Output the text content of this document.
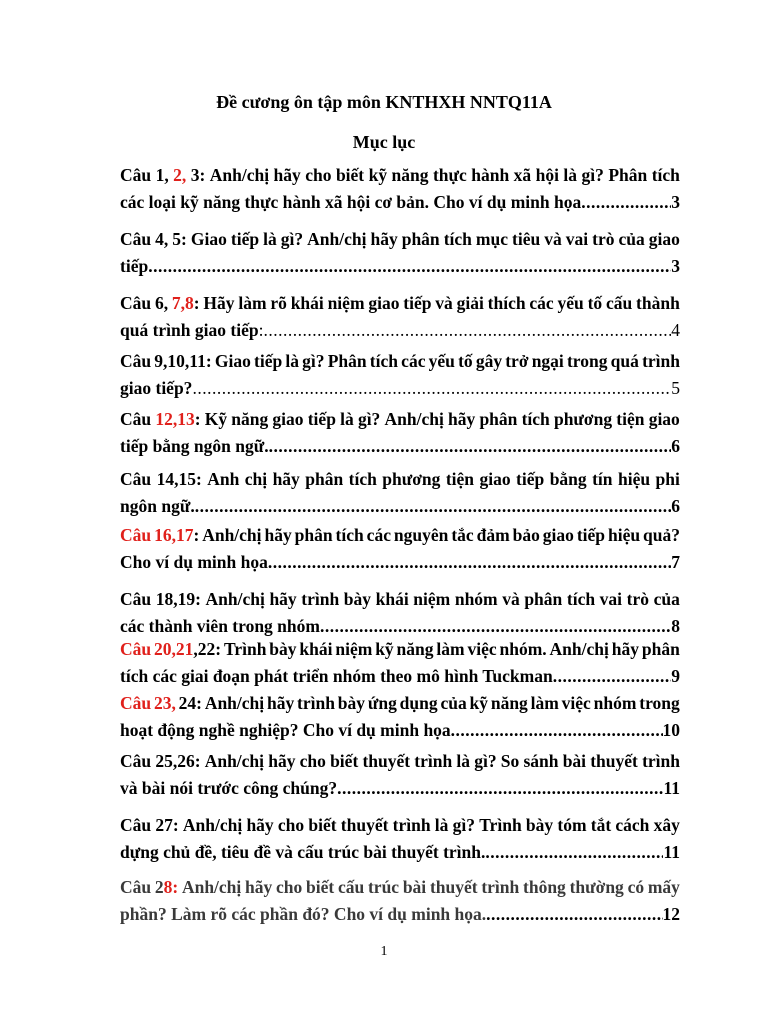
Đề cương ôn tập môn KNTHXH NNTQ11A
Mục lục
Câu 1, 2, 3: Anh/chị hãy cho biết kỹ năng thực hành xã hội là gì? Phân tích
các loại kỹ năng thực hành xã hội cơ bản. Cho ví dụ minh họa .....	3
Câu 4, 5: Giao tiếp là gì? Anh/chị hãy phân tích mục tiêu và vai trò của giao
tiếp .....	3
Câu 6, 7,8: Hãy làm rõ khái niệm giao tiếp và giải thích các yếu tố cấu thành
quá trình giao tiếp : .....	4
Câu 9,10,11: Giao tiếp là gì? Phân tích các yếu tố gây trở ngại trong quá trình
giao tiếp? .....	5
Câu 12,13: Kỹ năng giao tiếp là gì? Anh/chị hãy phân tích phương tiện giao
tiếp bằng ngôn ngữ. .....	6
Câu 14,15: Anh chị hãy phân tích phương tiện giao tiếp bằng tín hiệu phi
ngôn ngữ. .....	6
Câu 16,17: Anh/chị hãy phân tích các nguyên tắc đảm bảo giao tiếp hiệu quả?
Cho ví dụ minh họa .....	7
Câu 18,19: Anh/chị hãy trình bày khái niệm nhóm và phân tích vai trò của
các thành viên trong nhóm .....	8
Câu 20,21,22: Trình bày khái niệm kỹ năng làm việc nhóm. Anh/chị hãy phân
tích các giai đoạn phát triển nhóm theo mô hình Tuckman .....	9
Câu 23, 24: Anh/chị hãy trình bày ứng dụng của kỹ năng làm việc nhóm trong
hoạt động nghề nghiệp? Cho ví dụ minh họa .....	10
Câu 25,26: Anh/chị hãy cho biết thuyết trình là gì? So sánh bài thuyết trình
và bài nói trước công chúng? .....	11
Câu 27: Anh/chị hãy cho biết thuyết trình là gì? Trình bày tóm tắt cách xây
dựng chủ đề, tiêu đề và cấu trúc bài thuyết trình. .....	11
Câu 28: Anh/chị hãy cho biết cấu trúc bài thuyết trình thông thường có mấy
phần? Làm rõ các phần đó? Cho ví dụ minh họa. .....	12
1
